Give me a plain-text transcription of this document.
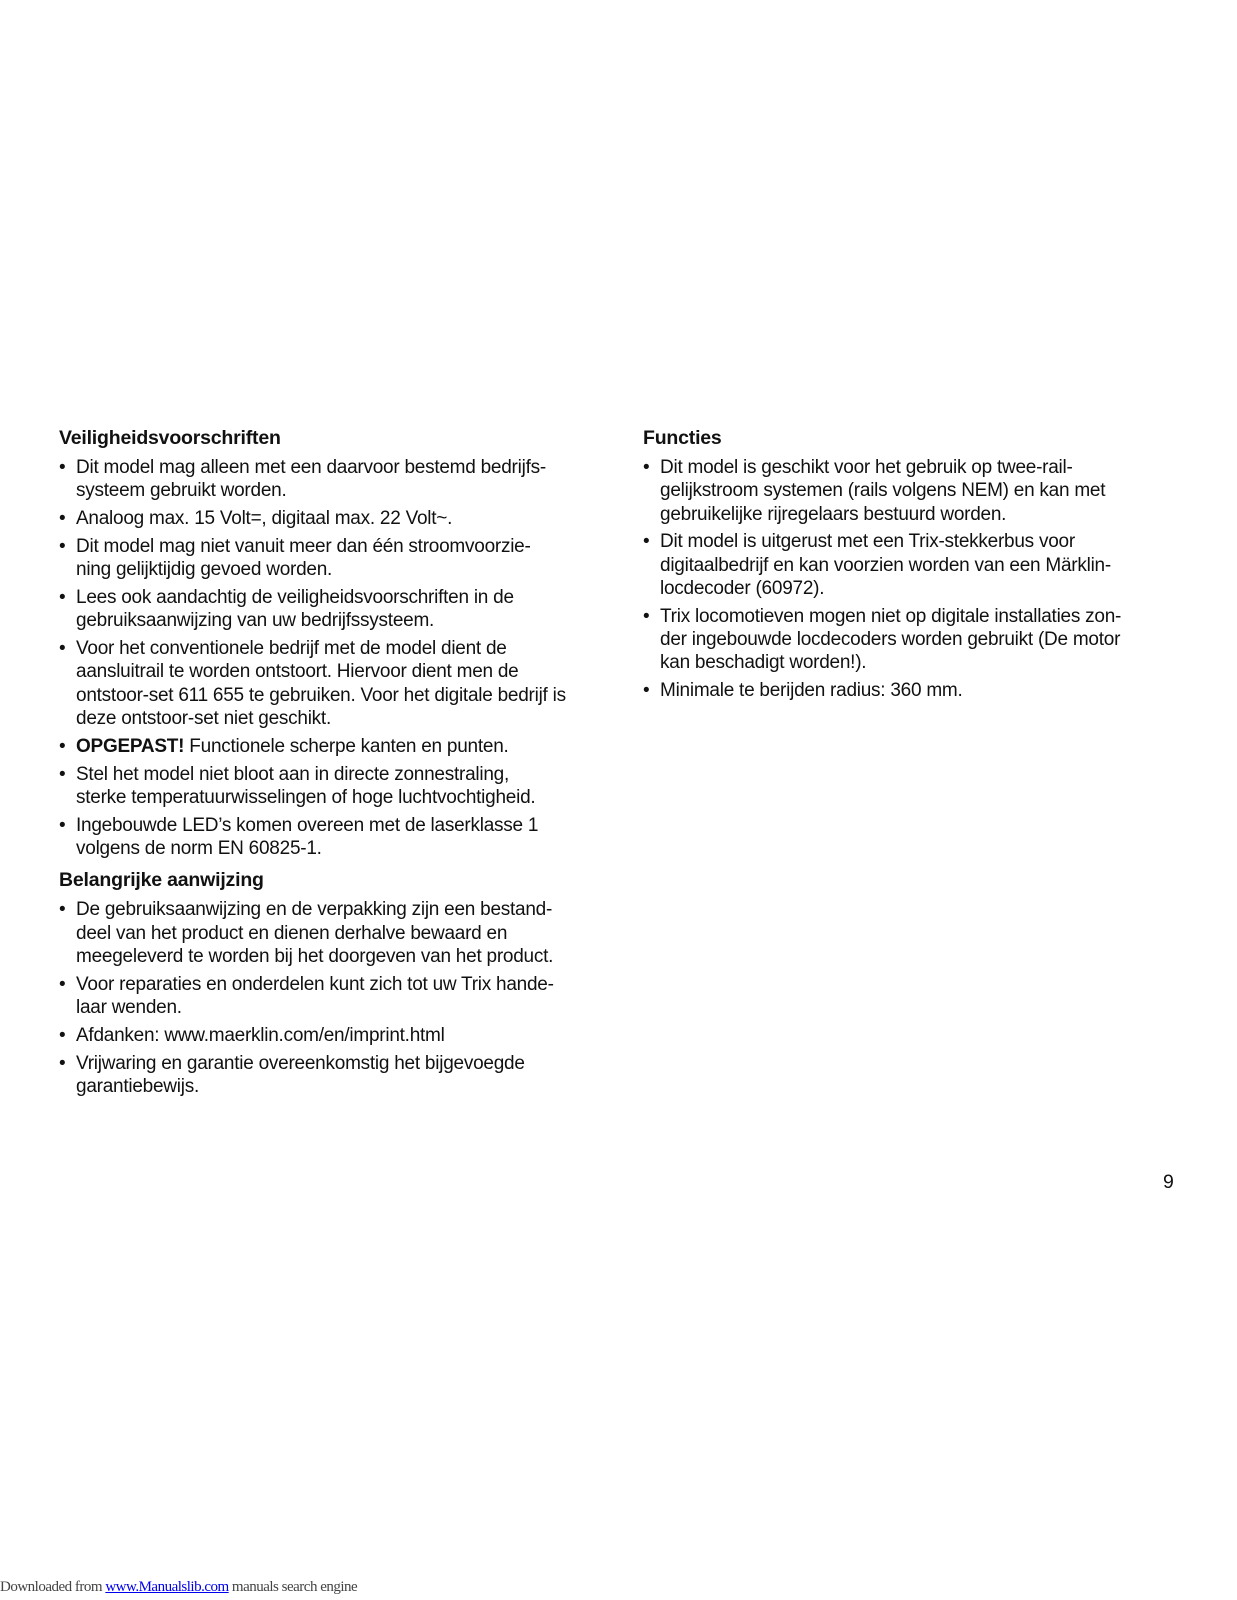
Veiligheidsvoorschriften
• Dit model mag alleen met een daarvoor bestemd bedrijfs-
systeem gebruikt worden.
• Analoog max. 15 Volt=, digitaal max. 22 Volt~.
• Dit model mag niet vanuit meer dan één stroomvoorzie-
ning gelijktijdig gevoed worden.
• Lees ook aandachtig de veiligheidsvoorschriften in de
gebruiksaanwijzing van uw bedrijfssysteem.
• Voor het conventionele bedrijf met de model dient de
aansluitrail te worden ontstoort. Hiervoor dient men de
ontstoor-set 611 655 te gebruiken. Voor het digitale bedrijf is
deze ontstoor-set niet geschikt.
• OPGEPAST! Functionele scherpe kanten en punten.
• Stel het model niet bloot aan in directe zonnestraling,
sterke temperatuurwisselingen of hoge luchtvochtigheid.
• Ingebouwde LED’s komen overeen met de laserklasse 1
volgens de norm EN 60825-1.
Belangrijke aanwijzing
• De gebruiksaanwijzing en de verpakking zijn een bestand-
deel van het product en dienen derhalve bewaard en
meegeleverd te worden bij het doorgeven van het product.
• Voor reparaties en onderdelen kunt zich tot uw Trix hande-
laar wenden.
• Afdanken: www.maerklin.com/en/imprint.html
• Vrijwaring en garantie overeenkomstig het bijgevoegde
garantiebewijs.
Functies
• Dit model is geschikt voor het gebruik op twee-rail-
gelijkstroom systemen (rails volgens NEM) en kan met
gebruikelijke rijregelaars bestuurd worden.
• Dit model is uitgerust met een Trix-stekkerbus voor
digitaalbedrijf en kan voorzien worden van een Märklin-
locdecoder (60972).
• Trix locomotieven mogen niet op digitale installaties zon-
der ingebouwde locdecoders worden gebruikt (De motor
kan beschadigt worden!).
• Minimale te berijden radius: 360 mm.
9
Downloaded from www.Manualslib.com manuals search engine
